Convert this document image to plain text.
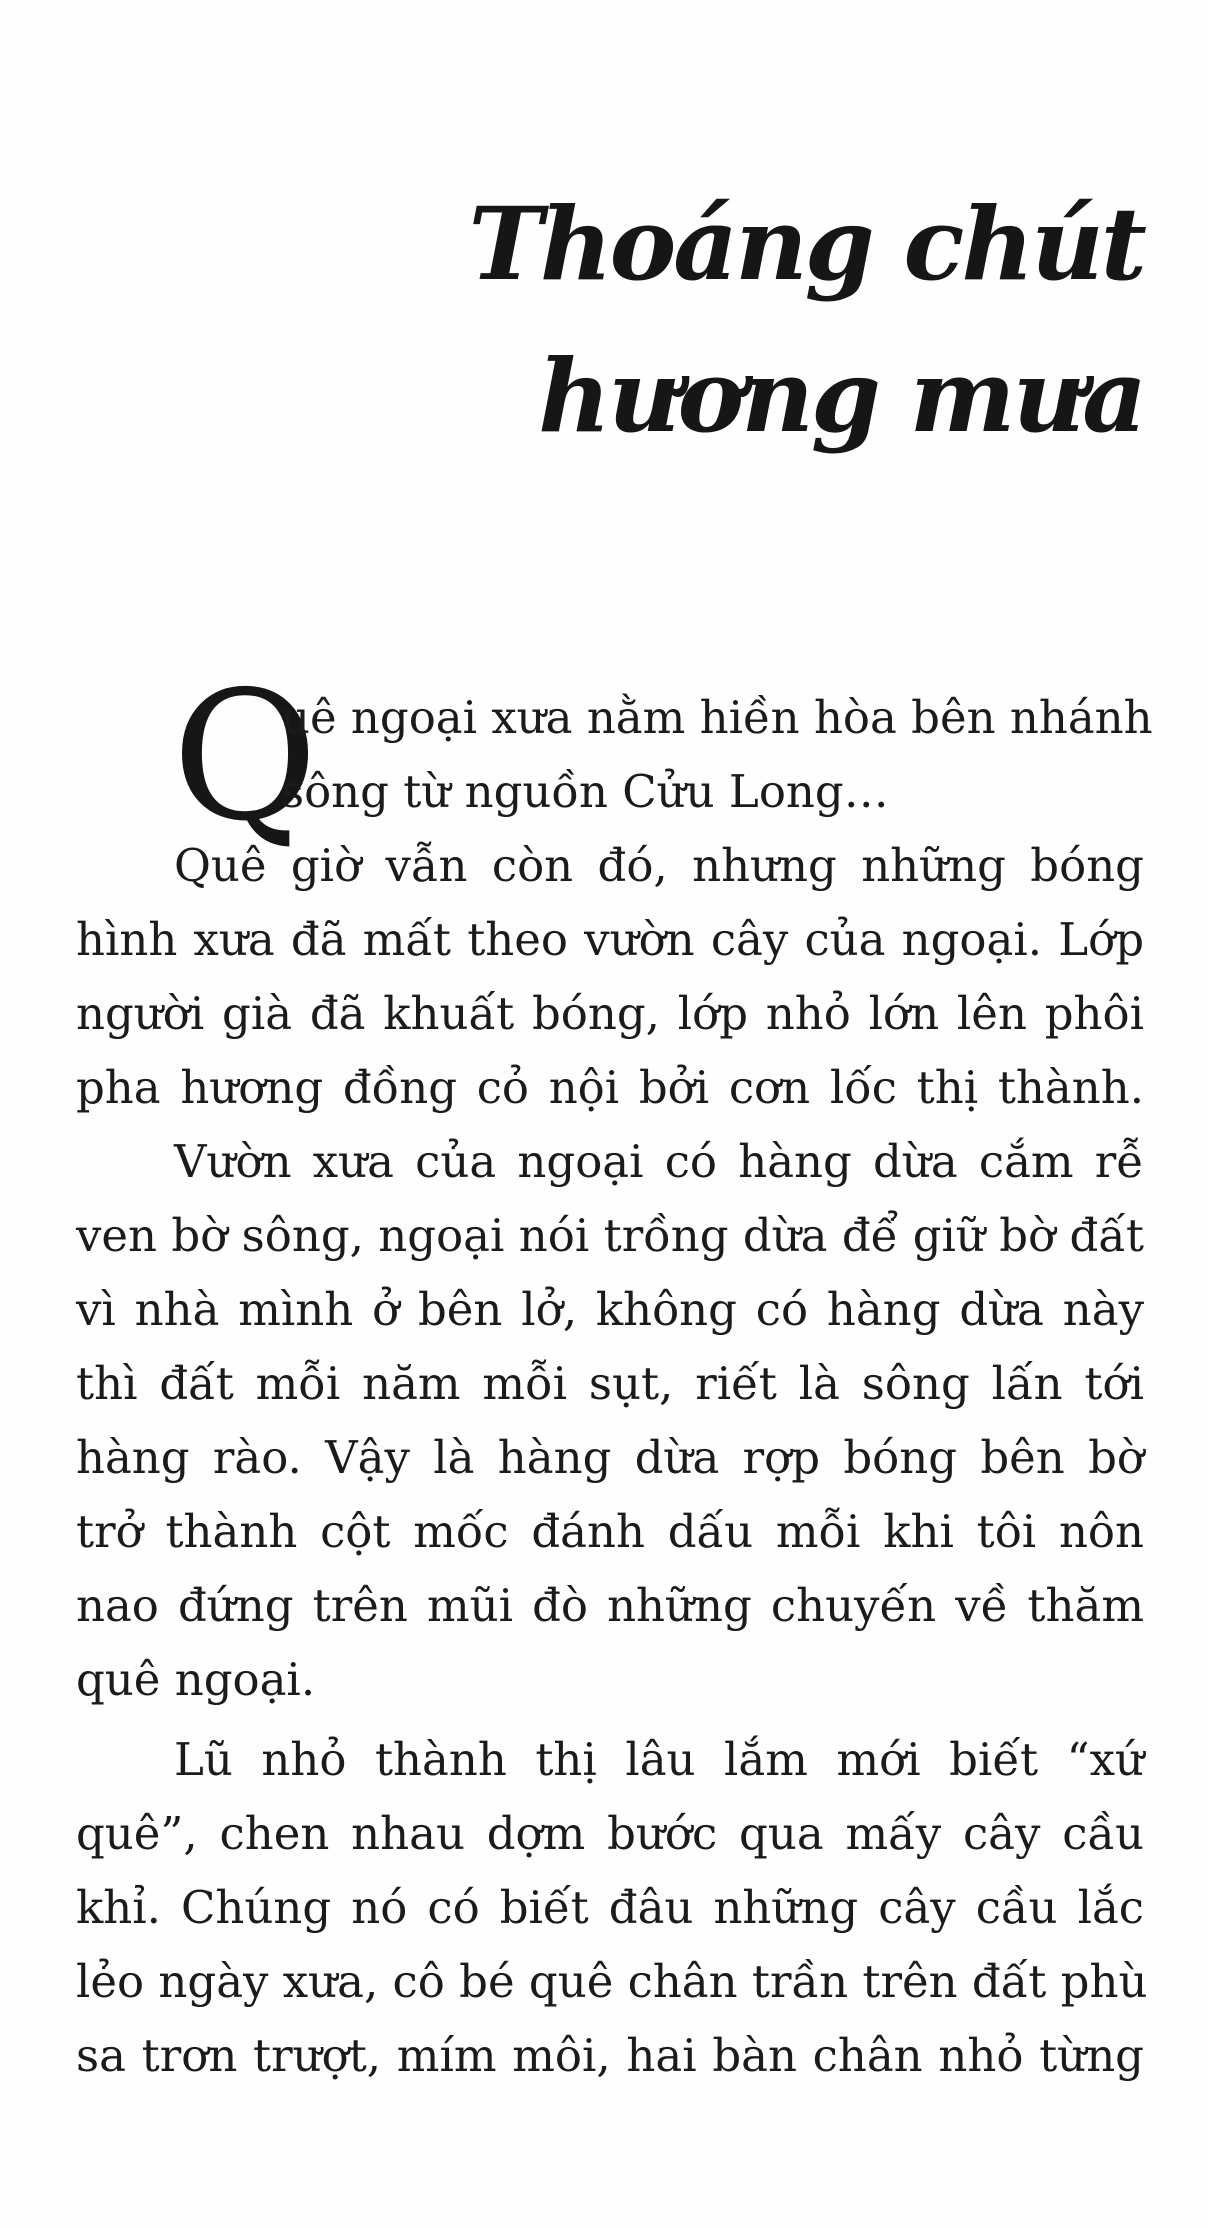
Thoáng chút
hương mưa
Q
uê ngoại xưa nằm hiền hòa bên nhánh
sông từ nguồn Cửu Long…
Quê giờ vẫn còn đó, nhưng những bóng
hình xưa đã mất theo vườn cây của ngoại. Lớp
người già đã khuất bóng, lớp nhỏ lớn lên phôi
pha hương đồng cỏ nội bởi cơn lốc thị thành.
Vườn xưa của ngoại có hàng dừa cắm rễ
ven bờ sông, ngoại nói trồng dừa để giữ bờ đất
vì nhà mình ở bên lở, không có hàng dừa này
thì đất mỗi năm mỗi sụt, riết là sông lấn tới
hàng rào. Vậy là hàng dừa rợp bóng bên bờ
trở thành cột mốc đánh dấu mỗi khi tôi nôn
nao đứng trên mũi đò những chuyến về thăm
quê ngoại.
Lũ nhỏ thành thị lâu lắm mới biết “xứ
quê”, chen nhau dợm bước qua mấy cây cầu
khỉ. Chúng nó có biết đâu những cây cầu lắc
lẻo ngày xưa, cô bé quê chân trần trên đất phù
sa trơn trượt, mím môi, hai bàn chân nhỏ từng
